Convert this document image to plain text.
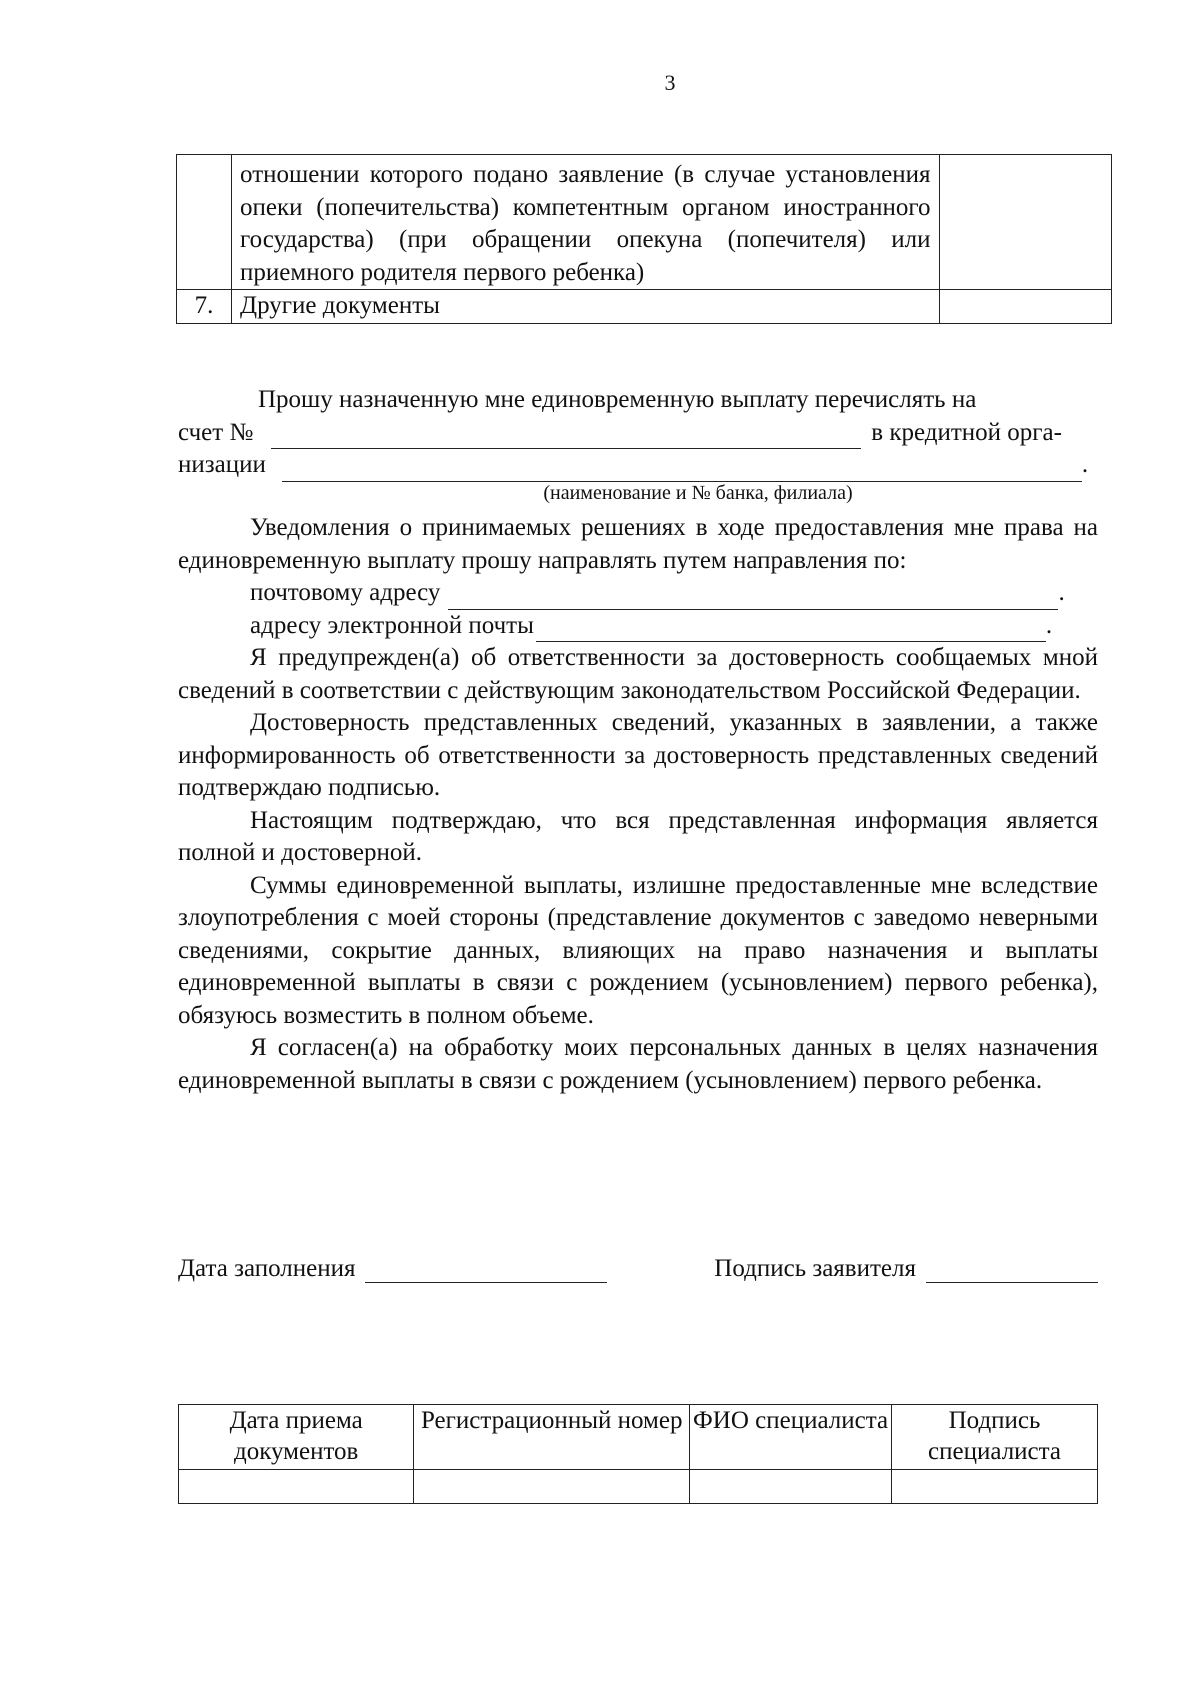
3
	отношении которого подано заявление (в случае установления опеки (попечительства) компетентным органом иностранного государства) (при обращении опекуна (попечителя) или приемного родителя первого ребенка)	
7.	Другие документы	

Прошу назначенную мне единовременную выплату перечислять на

счет №	в кредитной орга-
низации	.
(наименование и № банка, филиала)

Уведомления о принимаемых решениях в ходе предоставления мне права на единовременную выплату прошу направлять путем направления по:

почтовому адресу	.
адресу электронной почты	.

Я предупрежден(а) об ответственности за достоверность сообщаемых мной сведений в соответствии с действующим законодательством Российской Федерации.

Достоверность представленных сведений, указанных в заявлении, а также информированность об ответственности за достоверность представленных сведений подтверждаю подписью.

Настоящим подтверждаю, что вся представленная информация является полной и достоверной.

Суммы единовременной выплаты, излишне предоставленные мне вследствие злоупотребления с моей стороны (представление документов с заведомо неверными сведениями, сокрытие данных, влияющих на право назначения и выплаты единовременной выплаты в связи с рождением (усыновлением) первого ребенка), обязуюсь возместить в полном объеме.

Я согласен(а) на обработку моих персональных данных в целях назначения единовременной выплаты в связи с рождением (усыновлением) первого ребенка.

Дата заполнения	Подпись заявителя
Дата приема документов	Регистрационный номер	ФИО специалиста	Подпись специалиста
